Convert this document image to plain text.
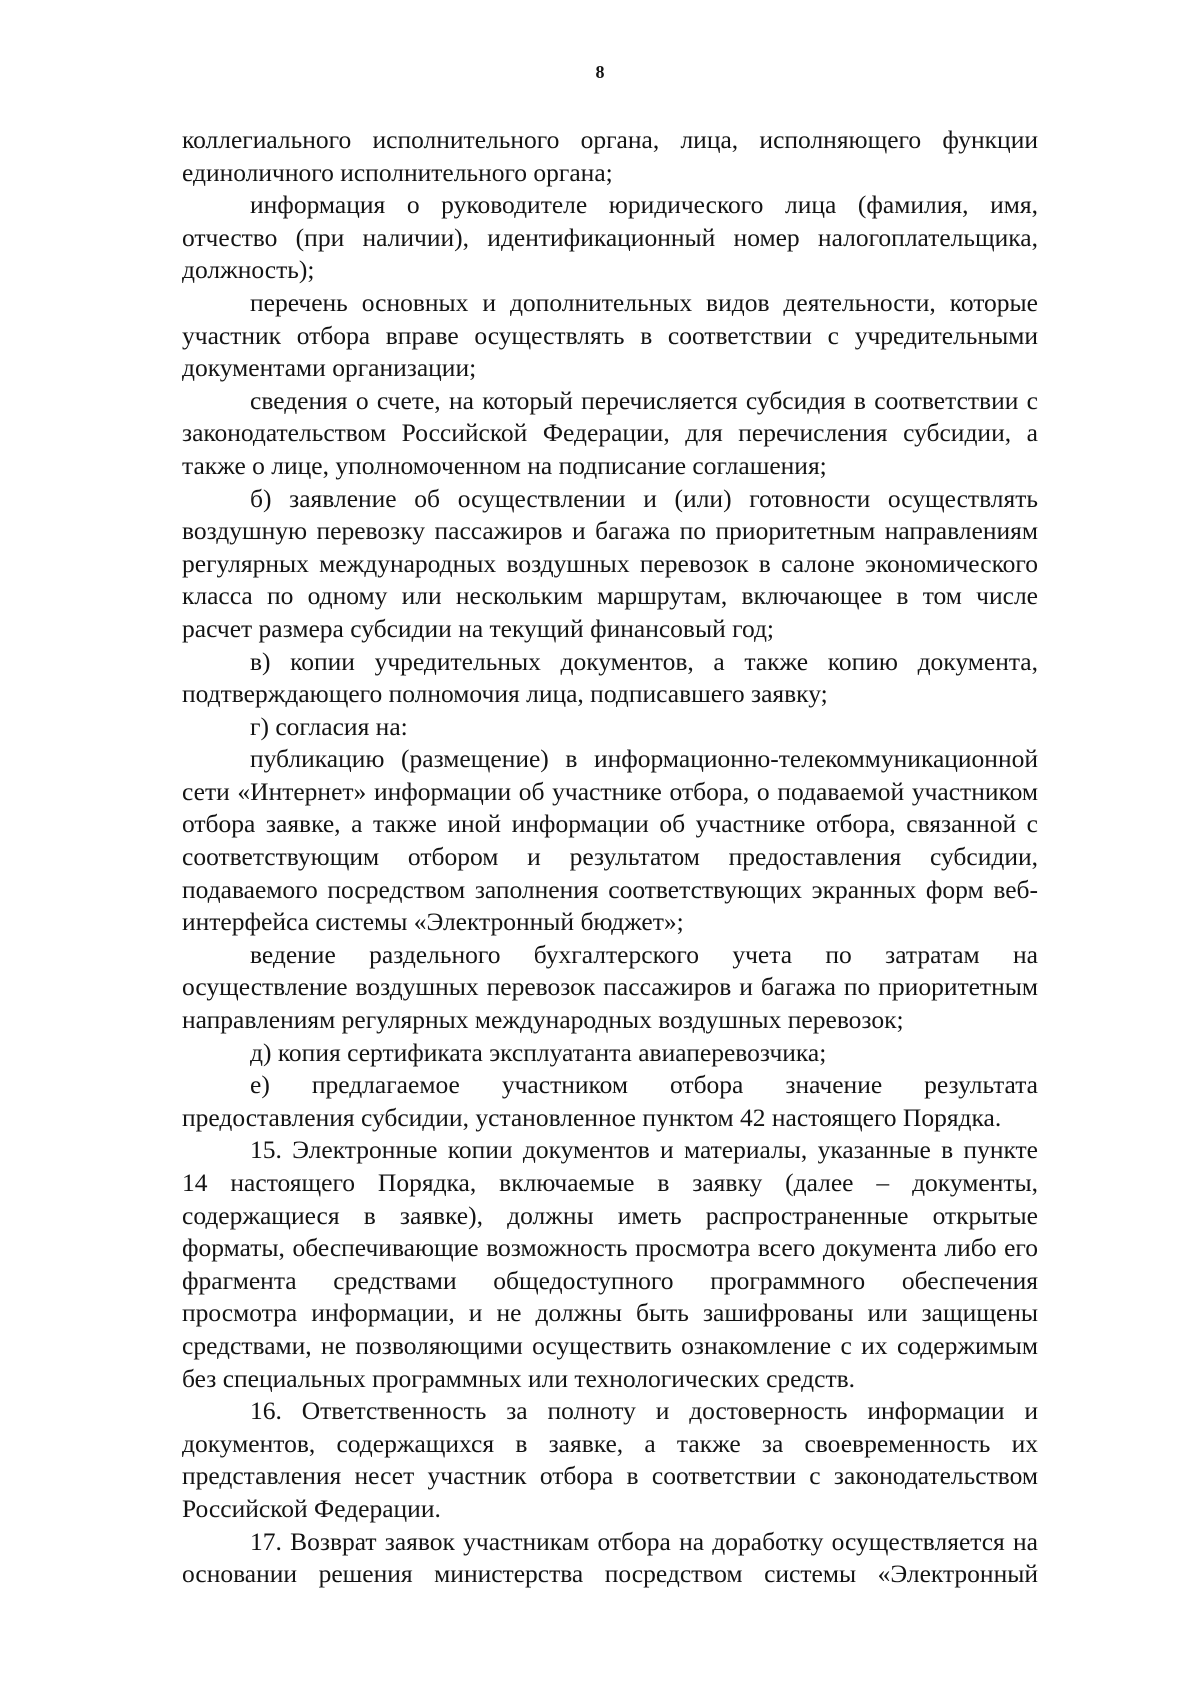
8

коллегиального исполнительного органа, лица, исполняющего функции единоличного исполнительного органа;

информация о руководителе юридического лица (фамилия, имя, отчество (при наличии), идентификационный номер налогоплательщика, должность);

перечень основных и дополнительных видов деятельности, которые участник отбора вправе осуществлять в соответствии с учредительными документами организации;

сведения о счете, на который перечисляется субсидия в соответствии с законодательством Российской Федерации, для перечисления субсидии, а также о лице, уполномоченном на подписание соглашения;

б) заявление об осуществлении и (или) готовности осуществлять воздушную перевозку пассажиров и багажа по приоритетным направлениям регулярных международных воздушных перевозок в салоне экономического класса по одному или нескольким маршрутам, включающее в том числе расчет размера субсидии на текущий финансовый год;

в) копии учредительных документов, а также копию документа, подтверждающего полномочия лица, подписавшего заявку;

г) согласия на:

публикацию (размещение) в информационно-телекоммуникационной сети «Интернет» информации об участнике отбора, о подаваемой участником отбора заявке, а также иной информации об участнике отбора, связанной с соответствующим отбором и результатом предоставления субсидии, подаваемого посредством заполнения соответствующих экранных форм веб-интерфейса системы «Электронный бюджет»;

ведение раздельного бухгалтерского учета по затратам на осуществление воздушных перевозок пассажиров и багажа по приоритетным направлениям регулярных международных воздушных перевозок;

д) копия сертификата эксплуатанта авиаперевозчика;

е) предлагаемое участником отбора значение результата предоставления субсидии, установленное пунктом 42 настоящего Порядка.

15. Электронные копии документов и материалы, указанные в пункте 14 настоящего Порядка, включаемые в заявку (далее – документы, содержащиеся в заявке), должны иметь распространенные открытые форматы, обеспечивающие возможность просмотра всего документа либо его фрагмента средствами общедоступного программного обеспечения просмотра информации, и не должны быть зашифрованы или защищены средствами, не позволяющими осуществить ознакомление с их содержимым без специальных программных или технологических средств.

16. Ответственность за полноту и достоверность информации и документов, содержащихся в заявке, а также за своевременность их представления несет участник отбора в соответствии с законодательством Российской Федерации.

17. Возврат заявок участникам отбора на доработку осуществляется на основании решения министерства посредством системы «Электронный
